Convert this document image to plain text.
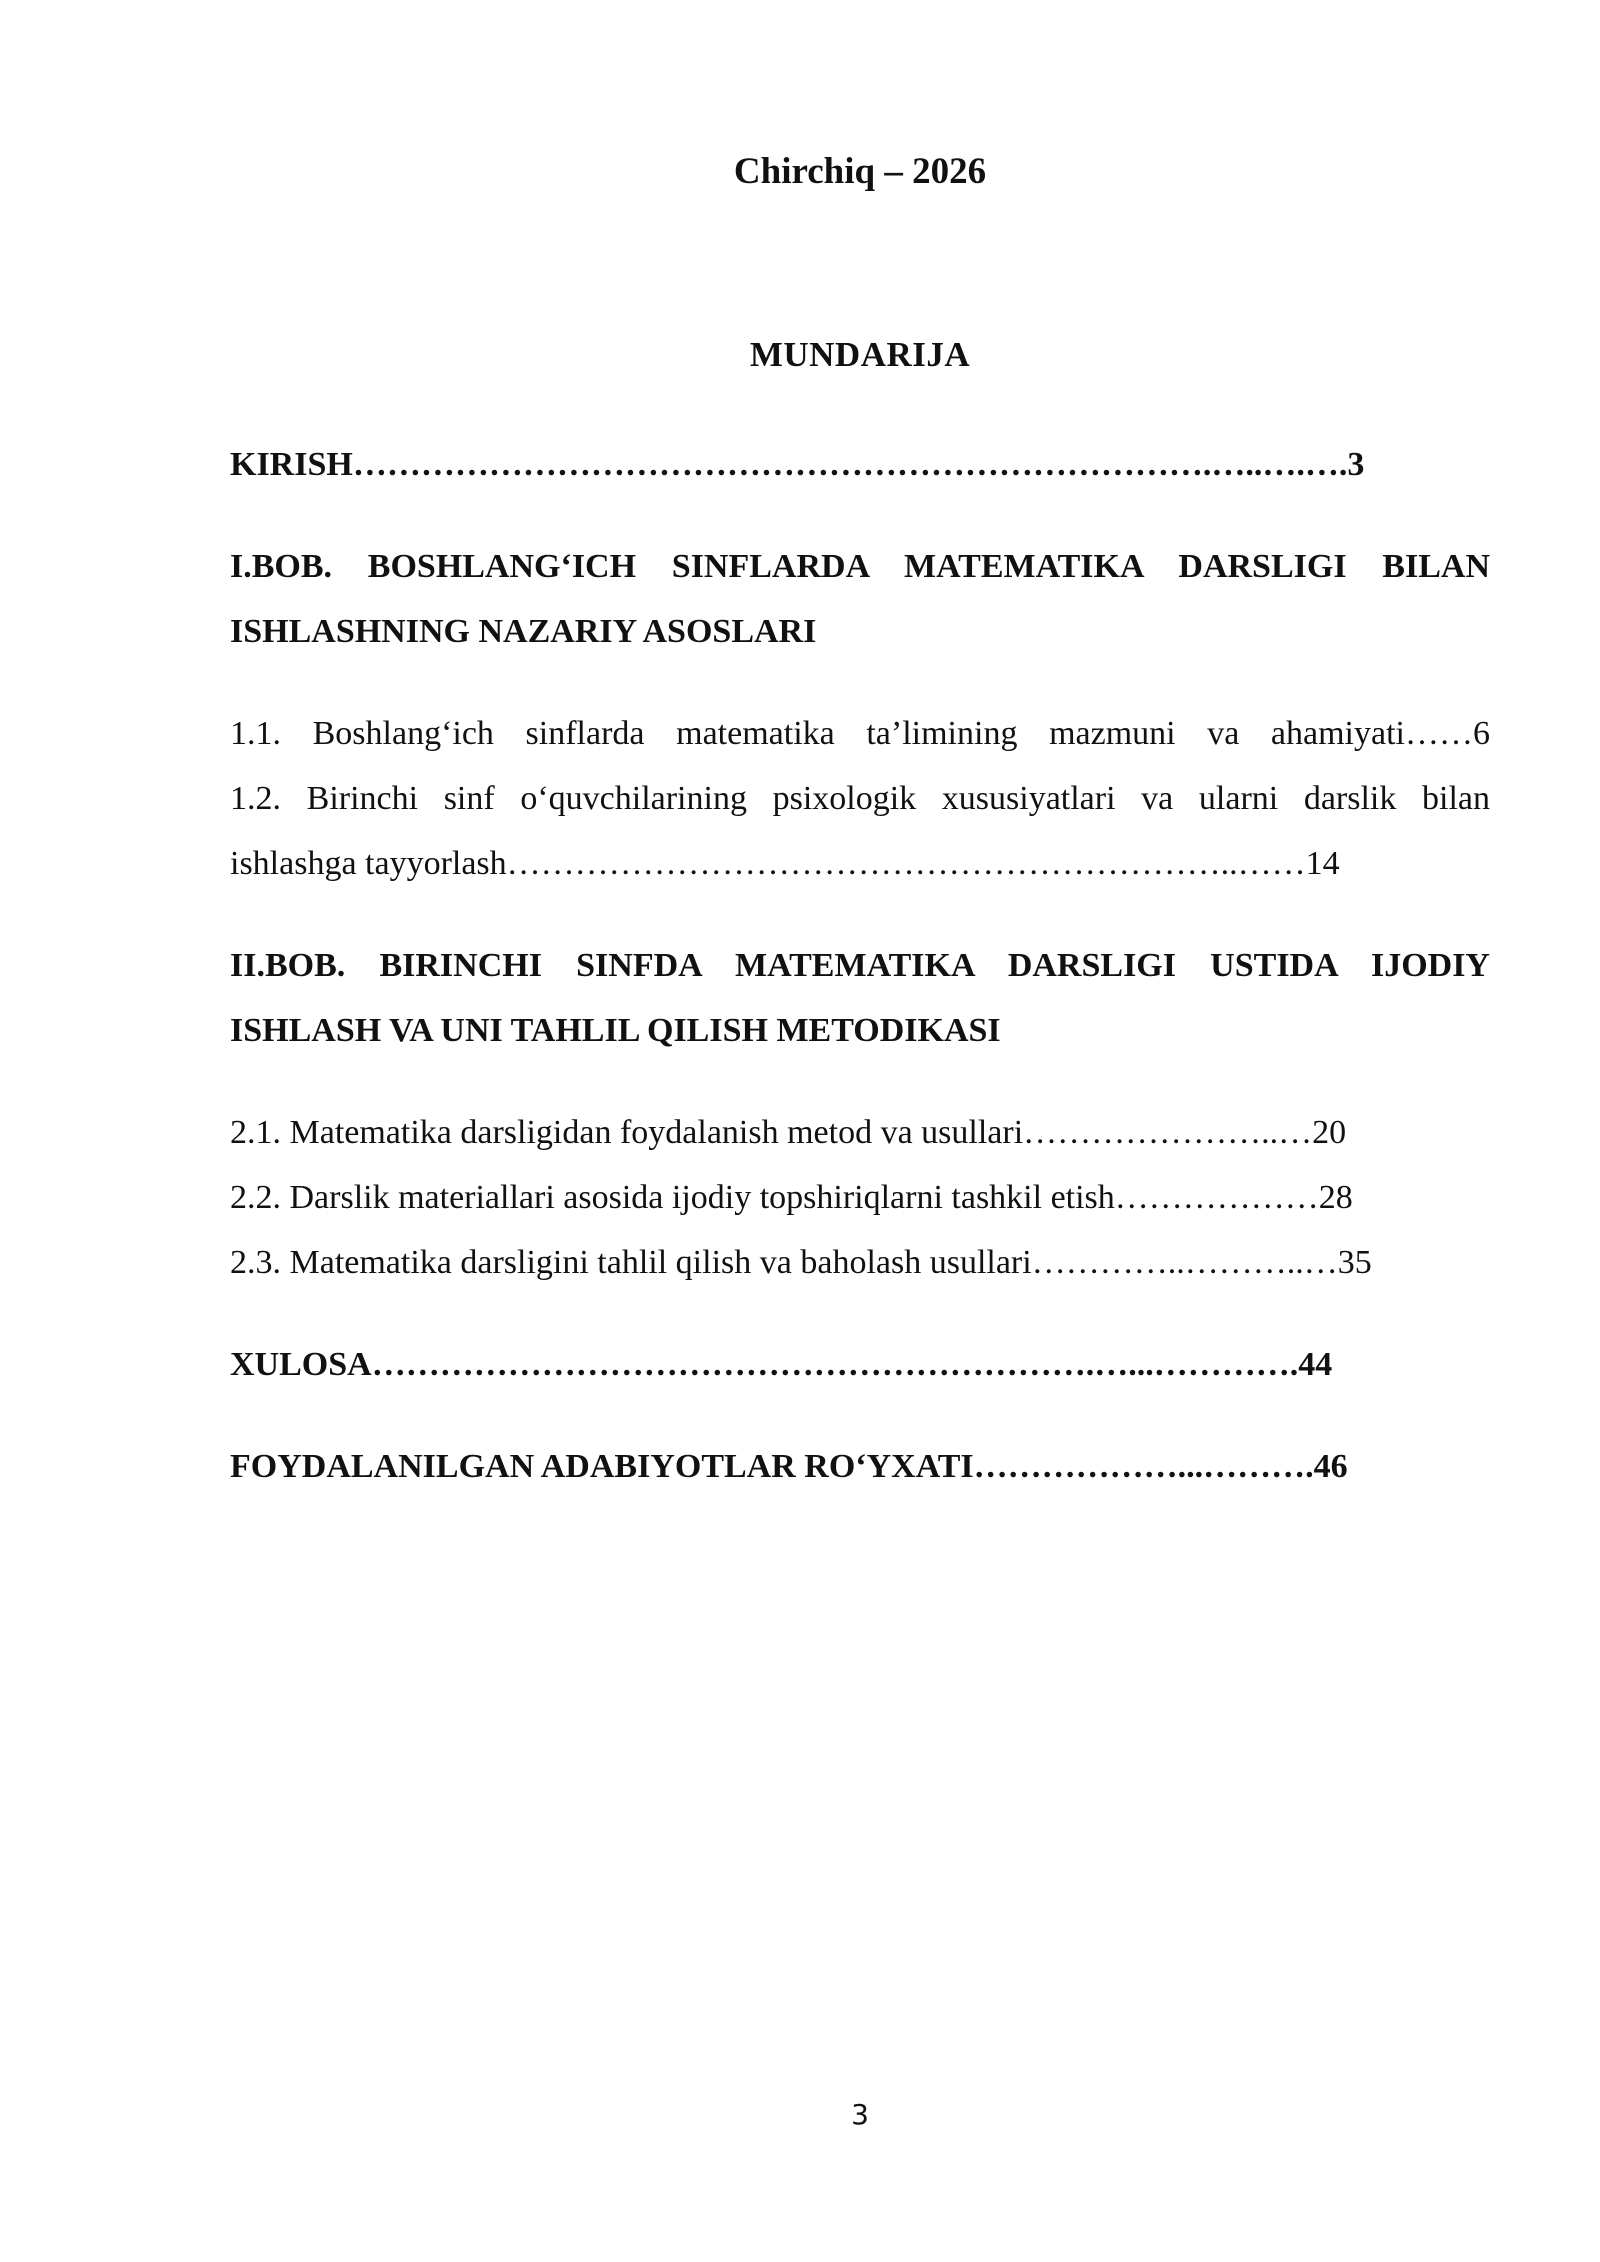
Chirchiq – 2026
MUNDARIJA
KIRISH………………………………………………………………….…..….….3
I.BOB. BOSHLANG‘ICH SINFLARDA MATEMATIKA DARSLIGI BILAN
ISHLASHNING NAZARIY ASOSLARI
1.1. Boshlang‘ich sinflarda matematika ta’limining mazmuni va ahamiyati……6
1.2. Birinchi sinf o‘quvchilarining psixologik xususiyatlari va ularni darslik bilan
ishlashga tayyorlash………………………………………………………..……14
II.BOB. BIRINCHI SINFDA MATEMATIKA DARSLIGI USTIDA IJODIY
ISHLASH VA UNI TAHLIL QILISH METODIKASI
2.1. Matematika darsligidan foydalanish metod va usullari…………………..…20
2.2. Darslik materiallari asosida ijodiy topshiriqlarni tashkil etish………………28
2.3. Matematika darsligini tahlil qilish va baholash usullari…………..………..…35
XULOSA……………………………………………………….…...………….44
FOYDALANILGAN ADABIYOTLAR RO‘YXATI………………...……….46
3
